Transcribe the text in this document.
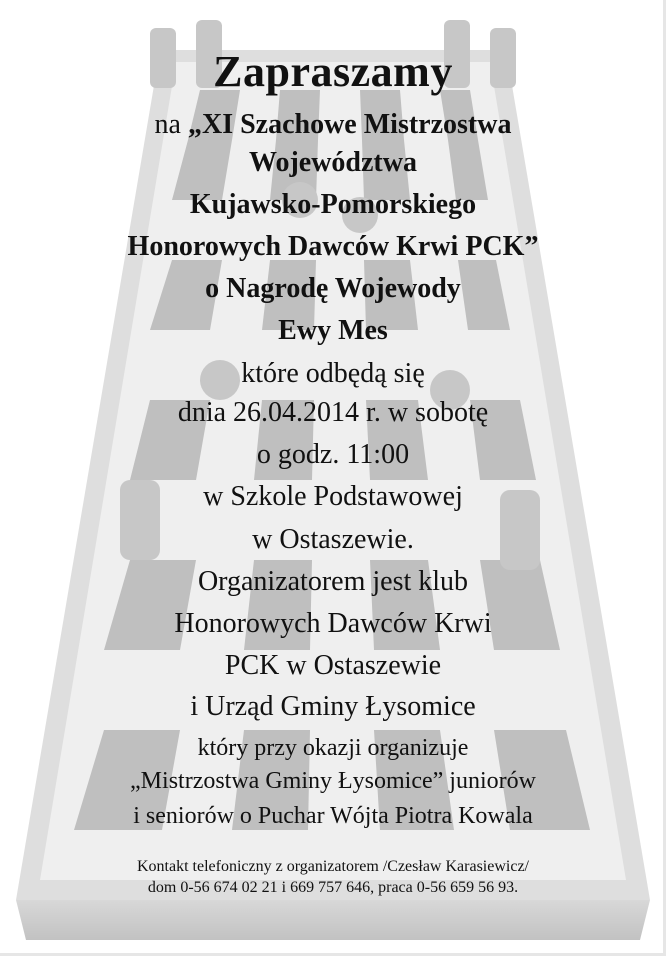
Zapraszamy
na „XI Szachowe Mistrzostwa
Województwa
Kujawsko-Pomorskiego
Honorowych Dawców Krwi PCK”
o Nagrodę Wojewody
Ewy Mes
które odbędą się
dnia 26.04.2014 r. w sobotę
o godz. 11:00
w Szkole Podstawowej
w Ostaszewie.
Organizatorem jest klub
Honorowych Dawców Krwi
PCK w Ostaszewie
i Urząd Gminy Łysomice
który przy okazji organizuje
„Mistrzostwa Gminy Łysomice” juniorów
i seniorów o Puchar Wójta Piotra Kowala
Kontakt telefoniczny z organizatorem /Czesław Karasiewicz/
dom 0-56 674 02 21 i 669 757 646, praca 0-56 659 56 93.
